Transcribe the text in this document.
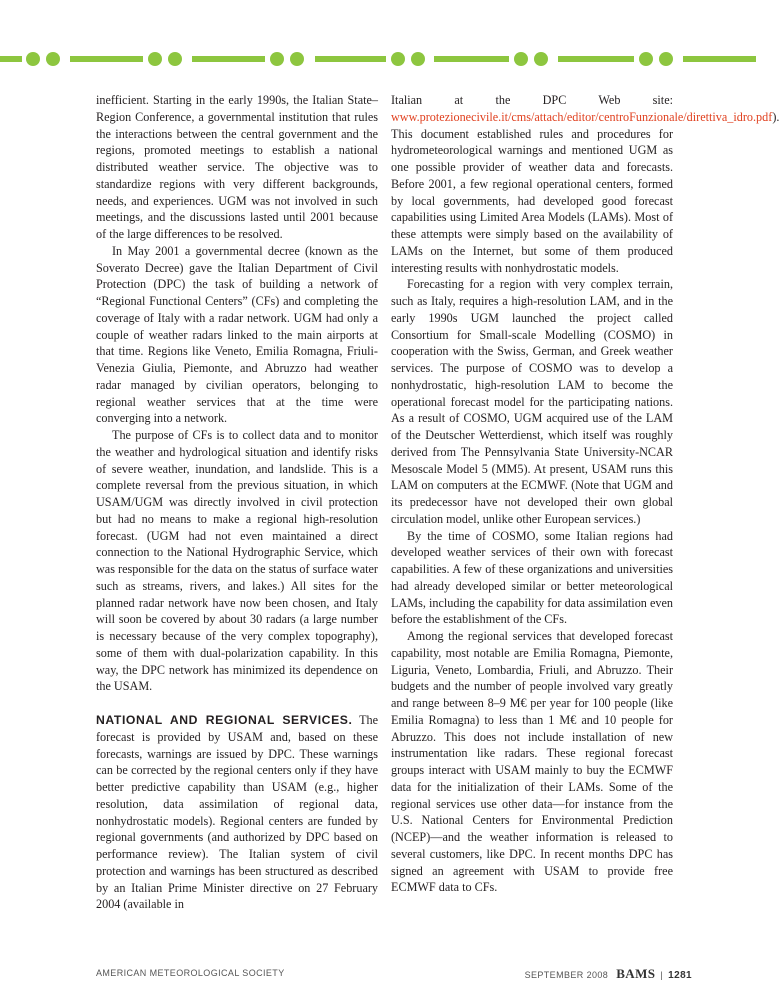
inefficient. Starting in the early 1990s, the Italian State–Region Conference, a governmental institution that rules the interactions between the central government and the regions, promoted meetings to establish a national distributed weather service. The objective was to standardize regions with very different backgrounds, needs, and experiences. UGM was not involved in such meetings, and the discussions lasted until 2001 because of the large differences to be resolved.

In May 2001 a governmental decree (known as the Soverato Decree) gave the Italian Department of Civil Protection (DPC) the task of building a network of “Regional Functional Centers” (CFs) and completing the coverage of Italy with a radar network. UGM had only a couple of weather radars linked to the main airports at that time. Regions like Veneto, Emilia Romagna, Friuli-Venezia Giulia, Piemonte, and Abruzzo had weather radar managed by civilian operators, belonging to regional weather services that at the time were converging into a network.

The purpose of CFs is to collect data and to monitor the weather and hydrological situation and identify risks of severe weather, inundation, and landslide. This is a complete reversal from the previous situation, in which USAM/UGM was directly involved in civil protection but had no means to make a regional high-resolution forecast. (UGM had not even maintained a direct connection to the National Hydrographic Service, which was responsible for the data on the status of surface water such as streams, rivers, and lakes.) All sites for the planned radar network have now been chosen, and Italy will soon be covered by about 30 radars (a large number is necessary because of the very complex topography), some of them with dual-polarization capability. In this way, the DPC network has minimized its dependence on the USAM.

NATIONAL AND REGIONAL SERVICES. The forecast is provided by USAM and, based on these forecasts, warnings are issued by DPC. These warnings can be corrected by the regional centers only if they have better predictive capability than USAM (e.g., higher resolution, data assimilation of regional data, nonhydrostatic models). Regional centers are funded by regional governments (and authorized by DPC based on performance review). The Italian system of civil protection and warnings has been structured as described by an Italian Prime Minister directive on 27 February 2004 (available in

Italian at the DPC Web site: www.protezionecivile.it/cms/attach/editor/centroFunzionale/direttiva_idro.pdf). This document established rules and procedures for hydrometeorological warnings and mentioned UGM as one possible provider of weather data and forecasts. Before 2001, a few regional operational centers, formed by local governments, had developed good forecast capabilities using Limited Area Models (LAMs). Most of these attempts were simply based on the availability of LAMs on the Internet, but some of them produced interesting results with nonhydrostatic models.

Forecasting for a region with very complex terrain, such as Italy, requires a high-resolution LAM, and in the early 1990s UGM launched the project called Consortium for Small-scale Modelling (COSMO) in cooperation with the Swiss, German, and Greek weather services. The purpose of COSMO was to develop a nonhydrostatic, high-resolution LAM to become the operational forecast model for the participating nations. As a result of COSMO, UGM acquired use of the LAM of the Deutscher Wetterdienst, which itself was roughly derived from The Pennsylvania State University-NCAR Mesoscale Model 5 (MM5). At present, USAM runs this LAM on computers at the ECMWF. (Note that UGM and its predecessor have not developed their own global circulation model, unlike other European services.)

By the time of COSMO, some Italian regions had developed weather services of their own with forecast capabilities. A few of these organizations and universities had already developed similar or better meteorological LAMs, including the capability for data assimilation even before the establishment of the CFs.

Among the regional services that developed forecast capability, most notable are Emilia Romagna, Piemonte, Liguria, Veneto, Lombardia, Friuli, and Abruzzo. Their budgets and the number of people involved vary greatly and range between 8–9 M€ per year for 100 people (like Emilia Romagna) to less than 1 M€ and 10 people for Abruzzo. This does not include installation of new instrumentation like radars. These regional forecast groups interact with USAM mainly to buy the ECMWF data for the initialization of their LAMs. Some of the regional services use other data—for instance from the U.S. National Centers for Environmental Prediction (NCEP)—and the weather information is released to several customers, like DPC. In recent months DPC has signed an agreement with USAM to provide free ECMWF data to CFs.

AMERICAN METEOROLOGICAL SOCIETY	SEPTEMBER 2008 BAMS | 1281
